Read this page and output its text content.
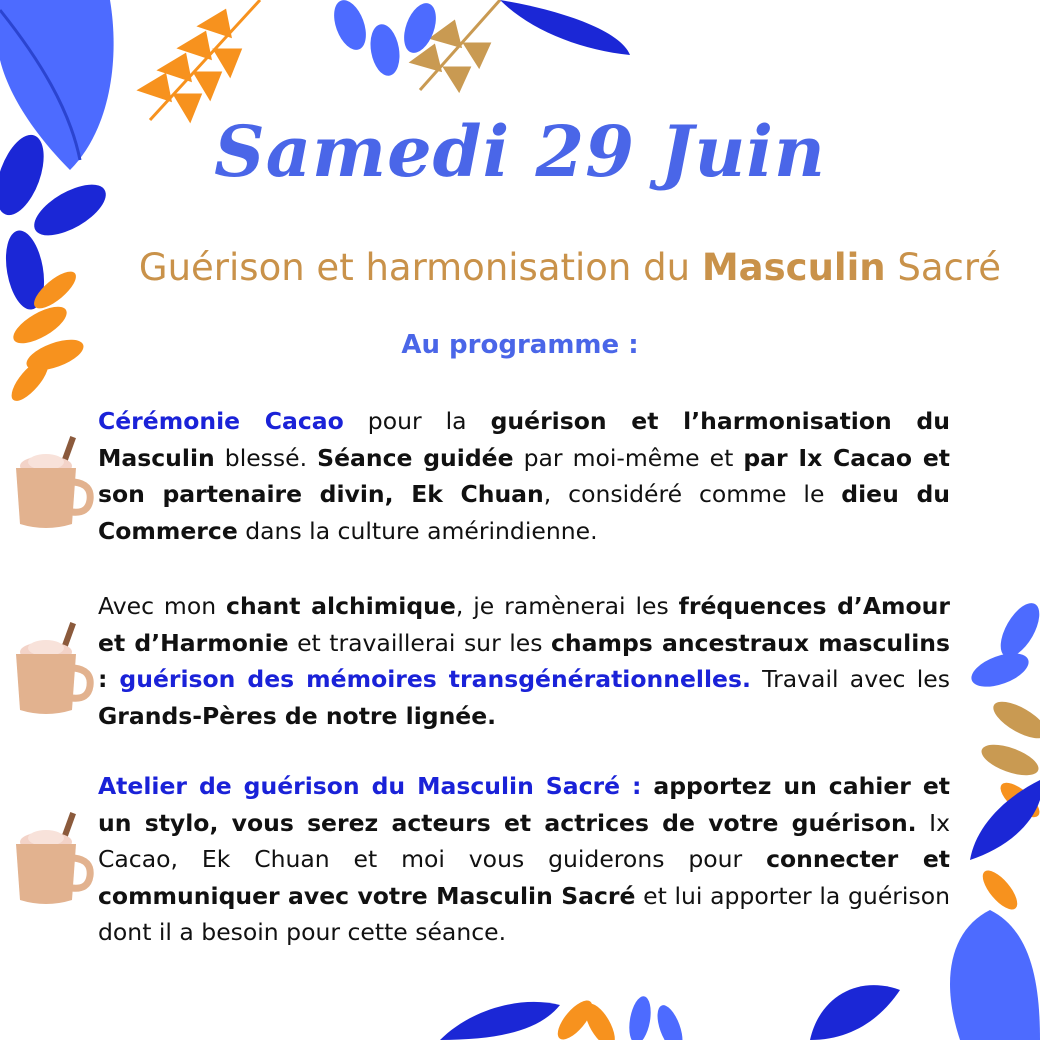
Samedi 29 Juin
Guérison et harmonisation du Masculin Sacré
Au programme :
Cérémonie Cacao pour la guérison et l’harmonisation du Masculin blessé. Séance guidée par moi-même et par Ix Cacao et son partenaire divin, Ek Chuan, considéré comme le dieu du Commerce dans la culture amérindienne.
Avec mon chant alchimique, je ramènerai les fréquences d’Amour et d’Harmonie et travaillerai sur les champs ancestraux masculins : guérison des mémoires transgénérationnelles. Travail avec les Grands-Pères de notre lignée.
Atelier de guérison du Masculin Sacré : apportez un cahier et un stylo, vous serez acteurs et actrices de votre guérison. Ix Cacao, Ek Chuan et moi vous guiderons pour connecter et communiquer avec votre Masculin Sacré et lui apporter la guérison dont il a besoin pour cette séance.
